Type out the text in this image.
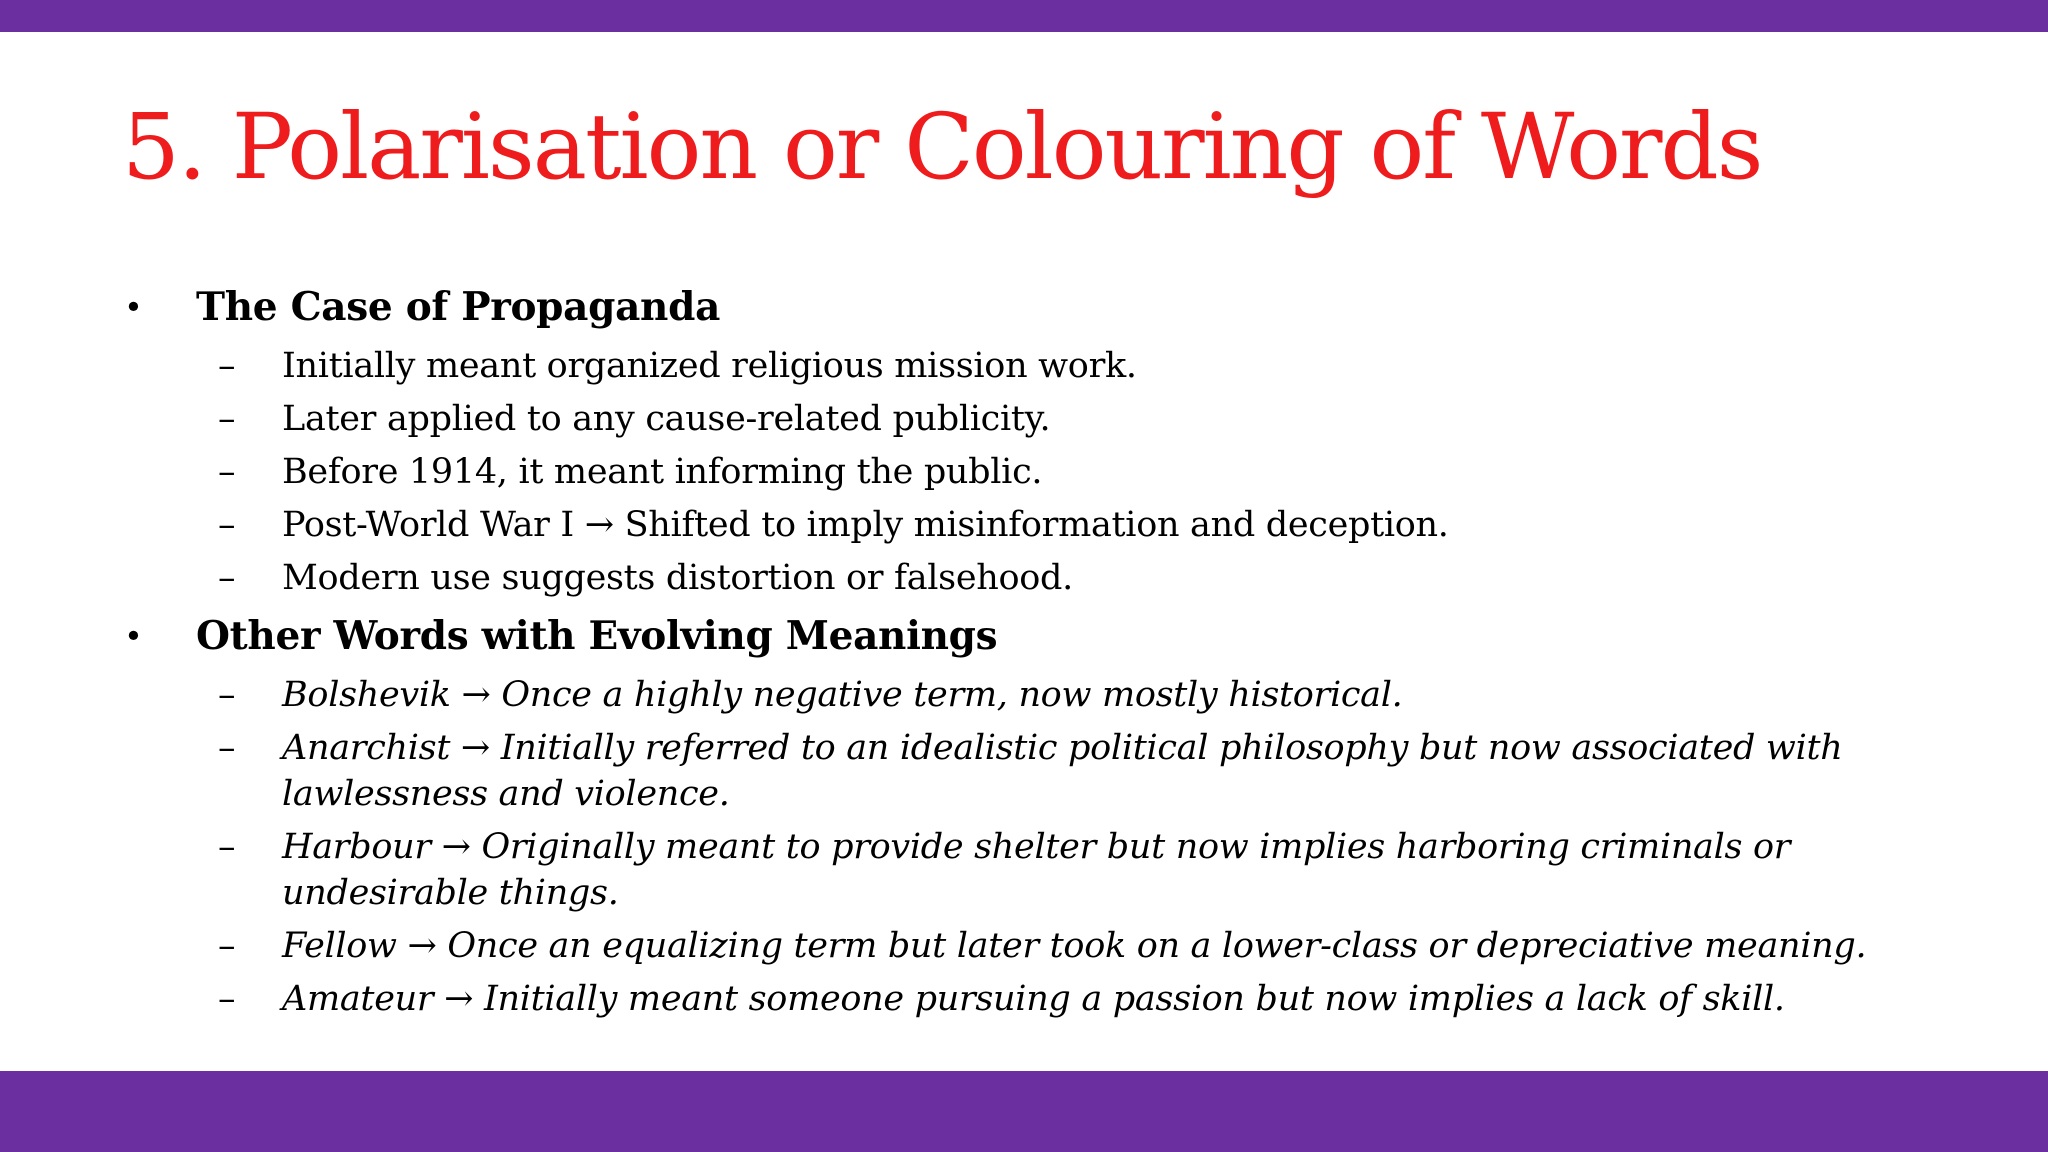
5. Polarisation or Colouring of Words
• The Case of Propaganda
– Initially meant organized religious mission work.
– Later applied to any cause-related publicity.
– Before 1914, it meant informing the public.
– Post-World War I → Shifted to imply misinformation and deception.
– Modern use suggests distortion or falsehood.
• Other Words with Evolving Meanings
– Bolshevik → Once a highly negative term, now mostly historical.
– Anarchist → Initially referred to an idealistic political philosophy but now associated with lawlessness and violence.
– Harbour → Originally meant to provide shelter but now implies harboring criminals or undesirable things.
– Fellow → Once an equalizing term but later took on a lower-class or depreciative meaning.
– Amateur → Initially meant someone pursuing a passion but now implies a lack of skill.
